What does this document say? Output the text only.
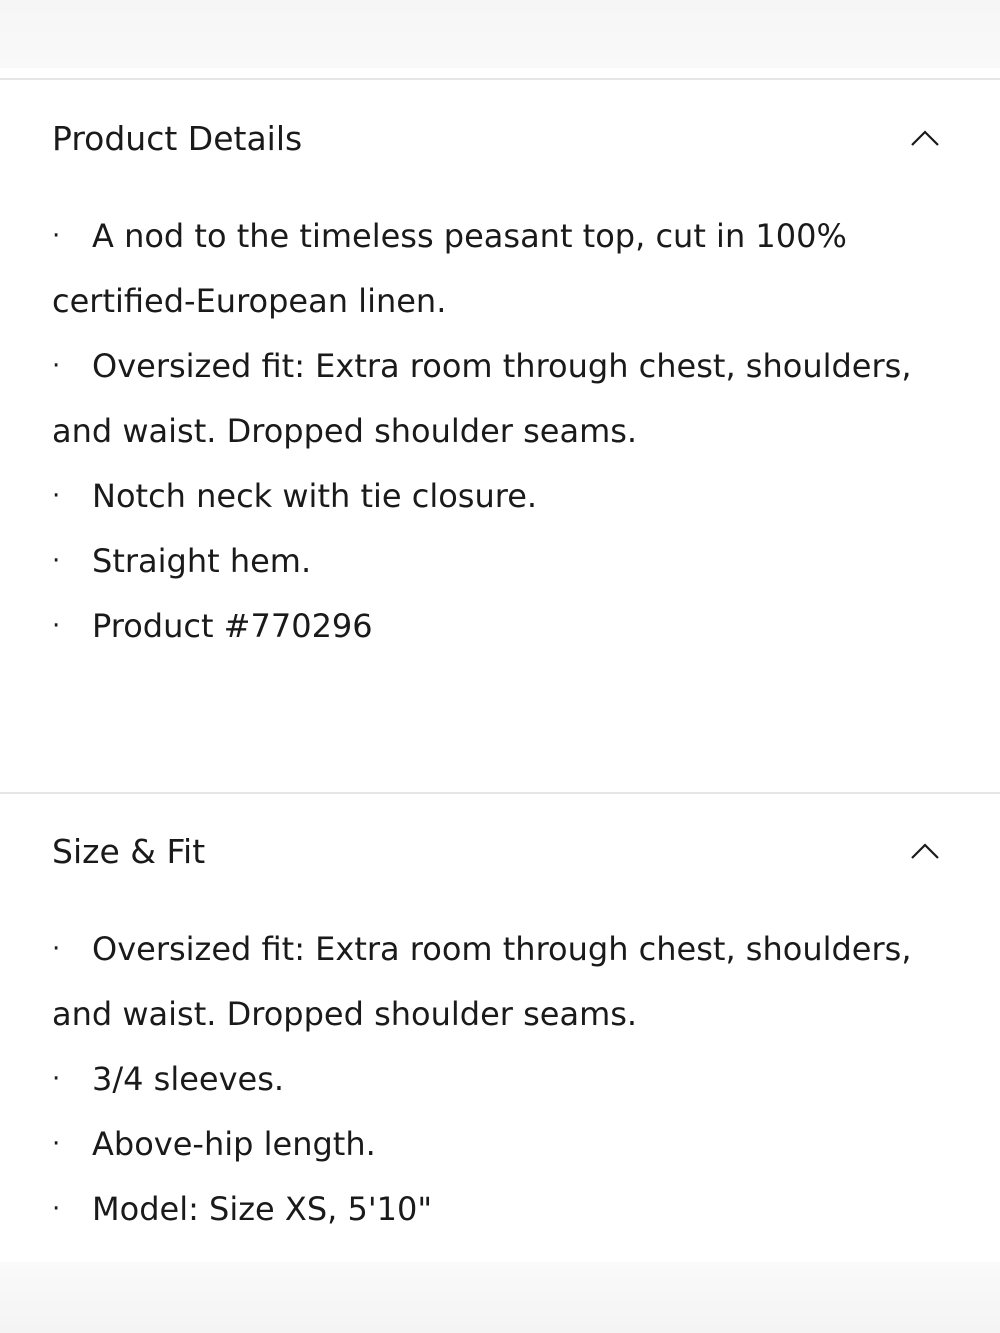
Product Details
· A nod to the timeless peasant top, cut in 100% certified-European linen.
· Oversized fit: Extra room through chest, shoulders, and waist. Dropped shoulder seams.
· Notch neck with tie closure.
· Straight hem.
· Product #770296
Size & Fit
· Oversized fit: Extra room through chest, shoulders, and waist. Dropped shoulder seams.
· 3/4 sleeves.
· Above-hip length.
· Model: Size XS, 5'10"
